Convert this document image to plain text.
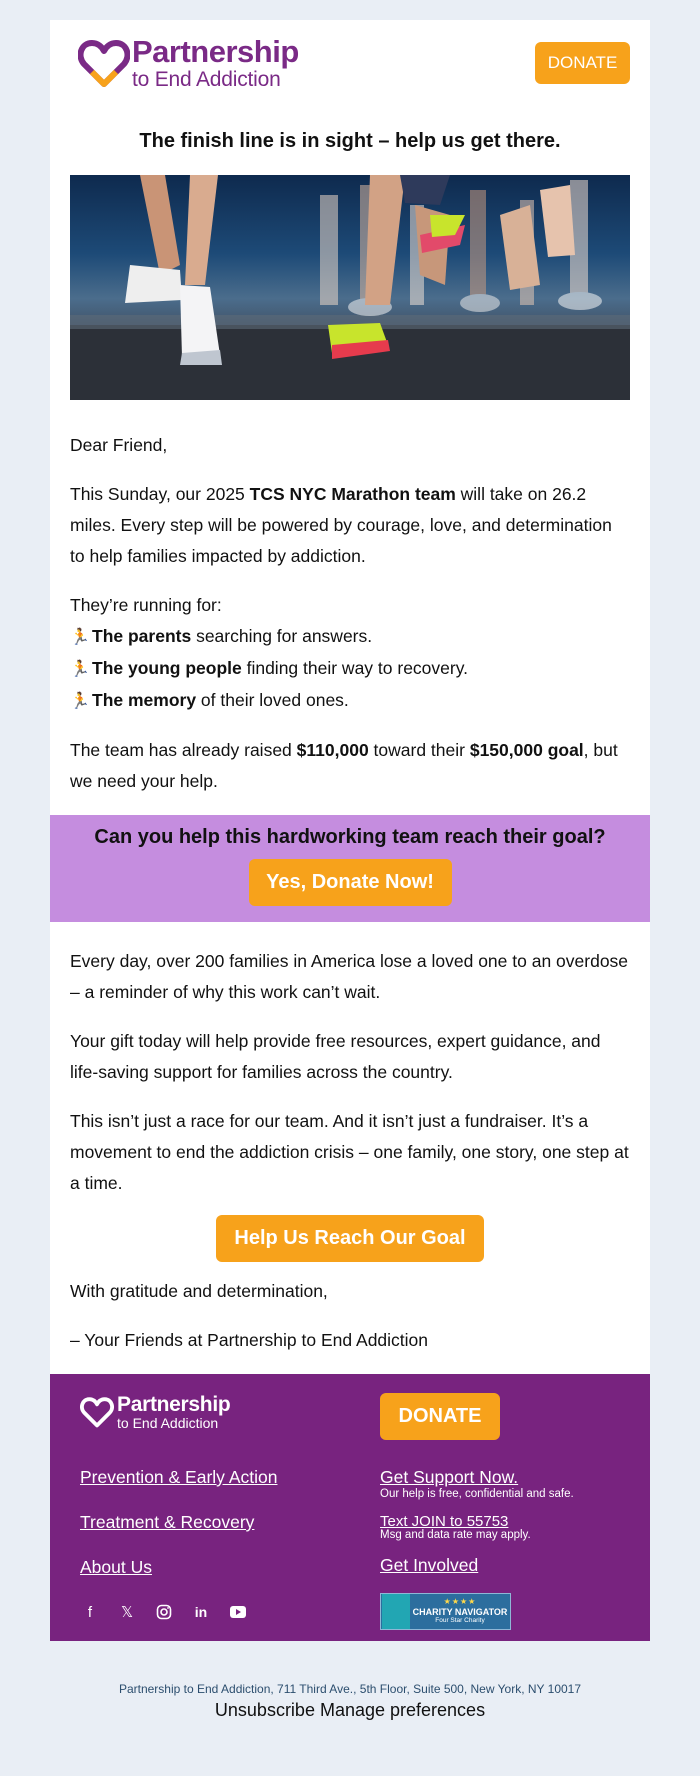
Partnership
to End Addiction
DONATE
The finish line is in sight – help us get there.

Dear Friend,

This Sunday, our 2025 TCS NYC Marathon team will take on 26.2 miles. Every step will be powered by courage, love, and determination to help families impacted by addiction.

They’re running for:
🏃 The parents searching for answers.
🏃 The young people finding their way to recovery.
🏃 The memory of their loved ones.

The team has already raised $110,000 toward their $150,000 goal, but we need your help.

Can you help this hardworking team reach their goal?
Yes, Donate Now!

Every day, over 200 families in America lose a loved one to an overdose – a reminder of why this work can’t wait.

Your gift today will help provide free resources, expert guidance, and life-saving support for families across the country.

This isn’t just a race for our team. And it isn’t just a fundraiser. It’s a movement to end the addiction crisis – one family, one story, one step at a time.

Help Us Reach Our Goal

With gratitude and determination,

– Your Friends at Partnership to End Addiction

Partnership
to End Addiction	DONATE
Prevention & Early Action
Treatment & Recovery
About Us
Get Support Now.
Our help is free, confidential and safe.
Text JOIN to 55753
Msg and data rate may apply.
Get Involved
f	𝕏	in
★★★★
CHARITY NAVIGATOR
Four Star Charity
Partnership to End Addiction, 711 Third Ave., 5th Floor, Suite 500, New York, NY 10017
Unsubscribe Manage preferences
